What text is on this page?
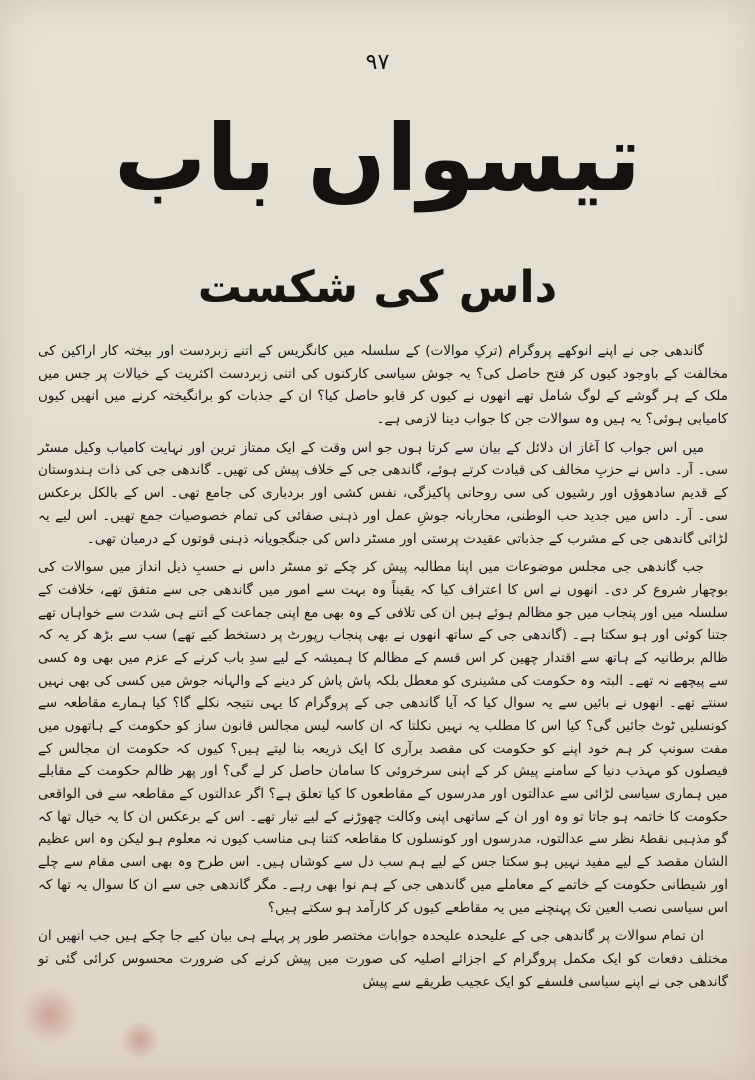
۹۷
تیسواں باب
داس کی شکست

گاندھی جی نے اپنے انوکھے پروگرام (ترکِ موالات) کے سلسلہ میں کانگریس کے اتنے زبردست اور بیختہ کار اراکین کی مخالفت کے باوجود کیوں کر فتح حاصل کی؟ یہ جوش سیاسی کارکنوں کی اتنی زبردست اکثریت کے خیالات پر جس میں ملک کے ہر گوشے کے لوگ شامل تھے انھوں نے کیوں کر قابو حاصل کیا؟ ان کے جذبات کو برانگیختہ کرنے میں انھیں کیوں کامیابی ہوئی؟ یہ ہیں وہ سوالات جن کا جواب دینا لازمی ہے۔

میں اس جواب کا آغاز ان دلائل کے بیان سے کرتا ہوں جو اس وقت کے ایک ممتاز ترین اور نہایت کامیاب وکیل مسٹر سی۔ آر۔ داس نے حزبِ مخالف کی قیادت کرتے ہوئے، گاندھی جی کے خلاف پیش کی تھیں۔ گاندھی جی کی ذات ہندوستان کے قدیم سادھوؤں اور رشیوں کی سی روحانی پاکیزگی، نفس کشی اور بردباری کی جامع تھی۔ اس کے بالکل برعکس سی۔ آر۔ داس میں جدید حب الوطنی، محاربانہ جوشِ عمل اور ذہنی صفائی کی تمام خصوصیات جمع تھیں۔ اس لیے یہ لڑائی گاندھی جی کے مشرب کے جذباتی عقیدت پرستی اور مسٹر داس کی جنگجویانہ ذہنی قوتوں کے درمیان تھی۔

جب گاندھی جی مجلس موضوعات میں اپنا مطالبہ پیش کر چکے تو مسٹر داس نے حسبِ ذیل انداز میں سوالات کی بوچھار شروع کر دی۔ انھوں نے اس کا اعتراف کیا کہ یقیناً وہ بہت سے امور میں گاندھی جی سے متفق تھے، خلافت کے سلسلہ میں اور پنجاب میں جو مظالم ہوئے ہیں ان کی تلافی کے وہ بھی مع اپنی جماعت کے اتنے ہی شدت سے خواہاں تھے جتنا کوئی اور ہو سکتا ہے۔ (گاندھی جی کے ساتھ انھوں نے بھی پنجاب رپورٹ پر دستخط کیے تھے) سب سے بڑھ کر یہ کہ ظالم برطانیہ کے ہاتھ سے اقتدار چھین کر اس قسم کے مظالم کا ہمیشہ کے لیے سدِ باب کرنے کے عزم میں بھی وہ کسی سے پیچھے نہ تھے۔ البتہ وہ حکومت کی مشینری کو معطل بلکہ پاش پاش کر دینے کے والہانہ جوش میں کسی کی بھی نہیں سنتے تھے۔ انھوں نے بائیں سے یہ سوال کیا کہ آیا گاندھی جی کے پروگرام کا یہی نتیجہ نکلے گا؟ کیا ہمارے مقاطعہ سے کونسلیں ٹوٹ جائیں گی؟ کیا اس کا مطلب یہ نہیں نکلتا کہ ان کاسہ لیس مجالس قانون ساز کو حکومت کے ہاتھوں میں مفت سونپ کر ہم خود اپنے کو حکومت کی مقصد برآری کا ایک ذریعہ بنا لیتے ہیں؟ کیوں کہ حکومت ان مجالس کے فیصلوں کو مہذب دنیا کے سامنے پیش کر کے اپنی سرخروئی کا سامان حاصل کر لے گی؟ اور پھر ظالم حکومت کے مقابلے میں ہماری سیاسی لڑائی سے عدالتوں اور مدرسوں کے مقاطعوں کا کیا تعلق ہے؟ اگر عدالتوں کے مقاطعہ سے فی الواقعی حکومت کا خاتمہ ہو جاتا تو وہ اور ان کے ساتھی اپنی وکالت چھوڑنے کے لیے تیار تھے۔ اس کے برعکس ان کا یہ خیال تھا کہ گو مذہبی نقطۂ نظر سے عدالتوں، مدرسوں اور کونسلوں کا مقاطعہ کتنا ہی مناسب کیوں نہ معلوم ہو لیکن وہ اس عظیم الشان مقصد کے لیے مفید نہیں ہو سکتا جس کے لیے ہم سب دل سے کوشاں ہیں۔ اس طرح وہ بھی اسی مقام سے چلے اور شیطانی حکومت کے خاتمے کے معاملے میں گاندھی جی کے ہم نوا بھی رہے۔ مگر گاندھی جی سے ان کا سوال یہ تھا کہ اس سیاسی نصب العین تک پہنچنے میں یہ مقاطعے کیوں کر کارآمد ہو سکتے ہیں؟

ان تمام سوالات پر گاندھی جی کے علیحدہ علیحدہ جوابات مختصر طور پر پہلے ہی بیان کیے جا چکے ہیں جب انھیں ان مختلف دفعات کو ایک مکمل پروگرام کے اجزائے اصلیہ کی صورت میں پیش کرنے کی ضرورت محسوس کرائی گئی تو گاندھی جی نے اپنے سیاسی فلسفے کو ایک عجیب طریقے سے پیش
